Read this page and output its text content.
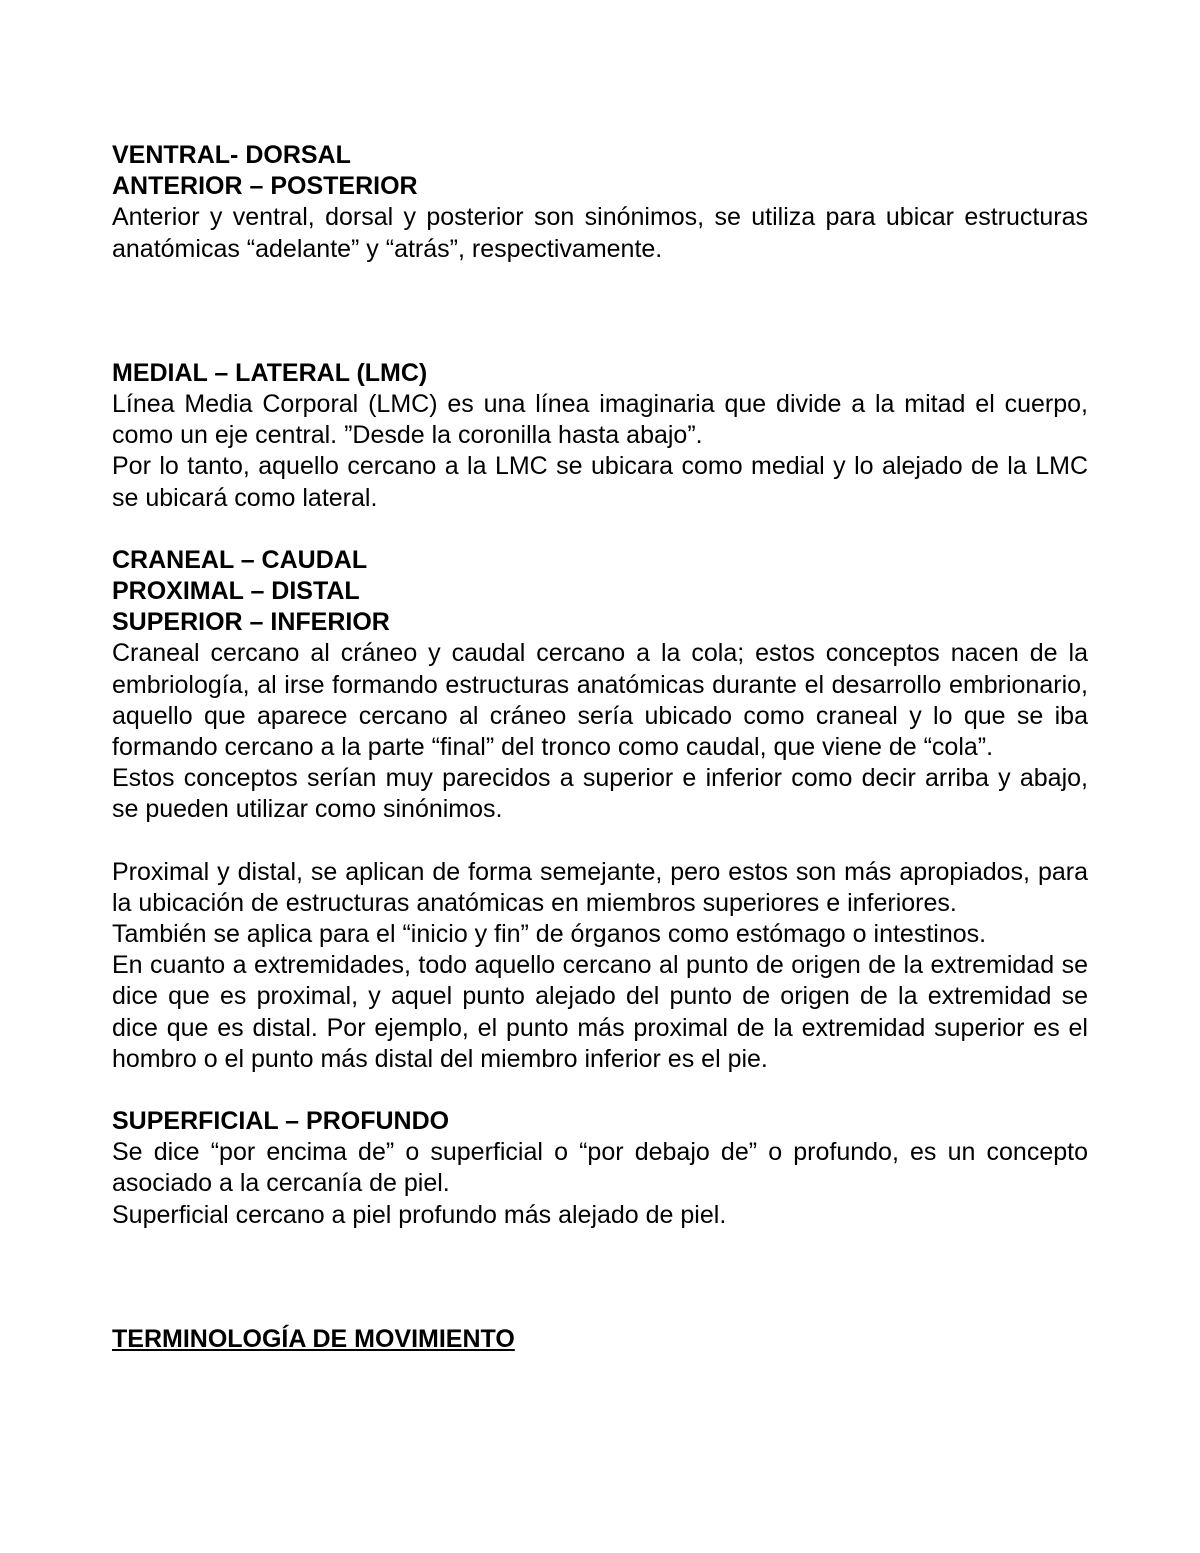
VENTRAL- DORSAL

ANTERIOR – POSTERIOR

Anterior y ventral, dorsal y posterior son sinónimos, se utiliza para ubicar estructuras anatómicas “adelante” y “atrás”, respectivamente.

MEDIAL – LATERAL (LMC)

Línea Media Corporal (LMC) es una línea imaginaria que divide a la mitad el cuerpo, como un eje central. ”Desde la coronilla hasta abajo”.

Por lo tanto, aquello cercano a la LMC se ubicara como medial y lo alejado de la LMC se ubicará como lateral.

CRANEAL – CAUDAL

PROXIMAL – DISTAL

SUPERIOR – INFERIOR

Craneal cercano al cráneo y caudal cercano a la cola; estos conceptos nacen de la embriología, al irse formando estructuras anatómicas durante el desarrollo embrionario, aquello que aparece cercano al cráneo sería ubicado como craneal y lo que se iba formando cercano a la parte “final” del tronco como caudal, que viene de “cola”.

Estos conceptos serían muy parecidos a superior e inferior como decir arriba y abajo, se pueden utilizar como sinónimos.

Proximal y distal, se aplican de forma semejante, pero estos son más apropiados, para la ubicación de estructuras anatómicas en miembros superiores e inferiores.

También se aplica para el “inicio y fin” de órganos como estómago o intestinos.

En cuanto a extremidades, todo aquello cercano al punto de origen de la extremidad se dice que es proximal, y aquel punto alejado del punto de origen de la extremidad se dice que es distal. Por ejemplo, el punto más proximal de la extremidad superior es el hombro o el punto más distal del miembro inferior es el pie.

SUPERFICIAL – PROFUNDO

Se dice “por encima de” o superficial o “por debajo de” o profundo, es un concepto asociado a la cercanía de piel.

Superficial cercano a piel profundo más alejado de piel.

TERMINOLOGÍA DE MOVIMIENTO
